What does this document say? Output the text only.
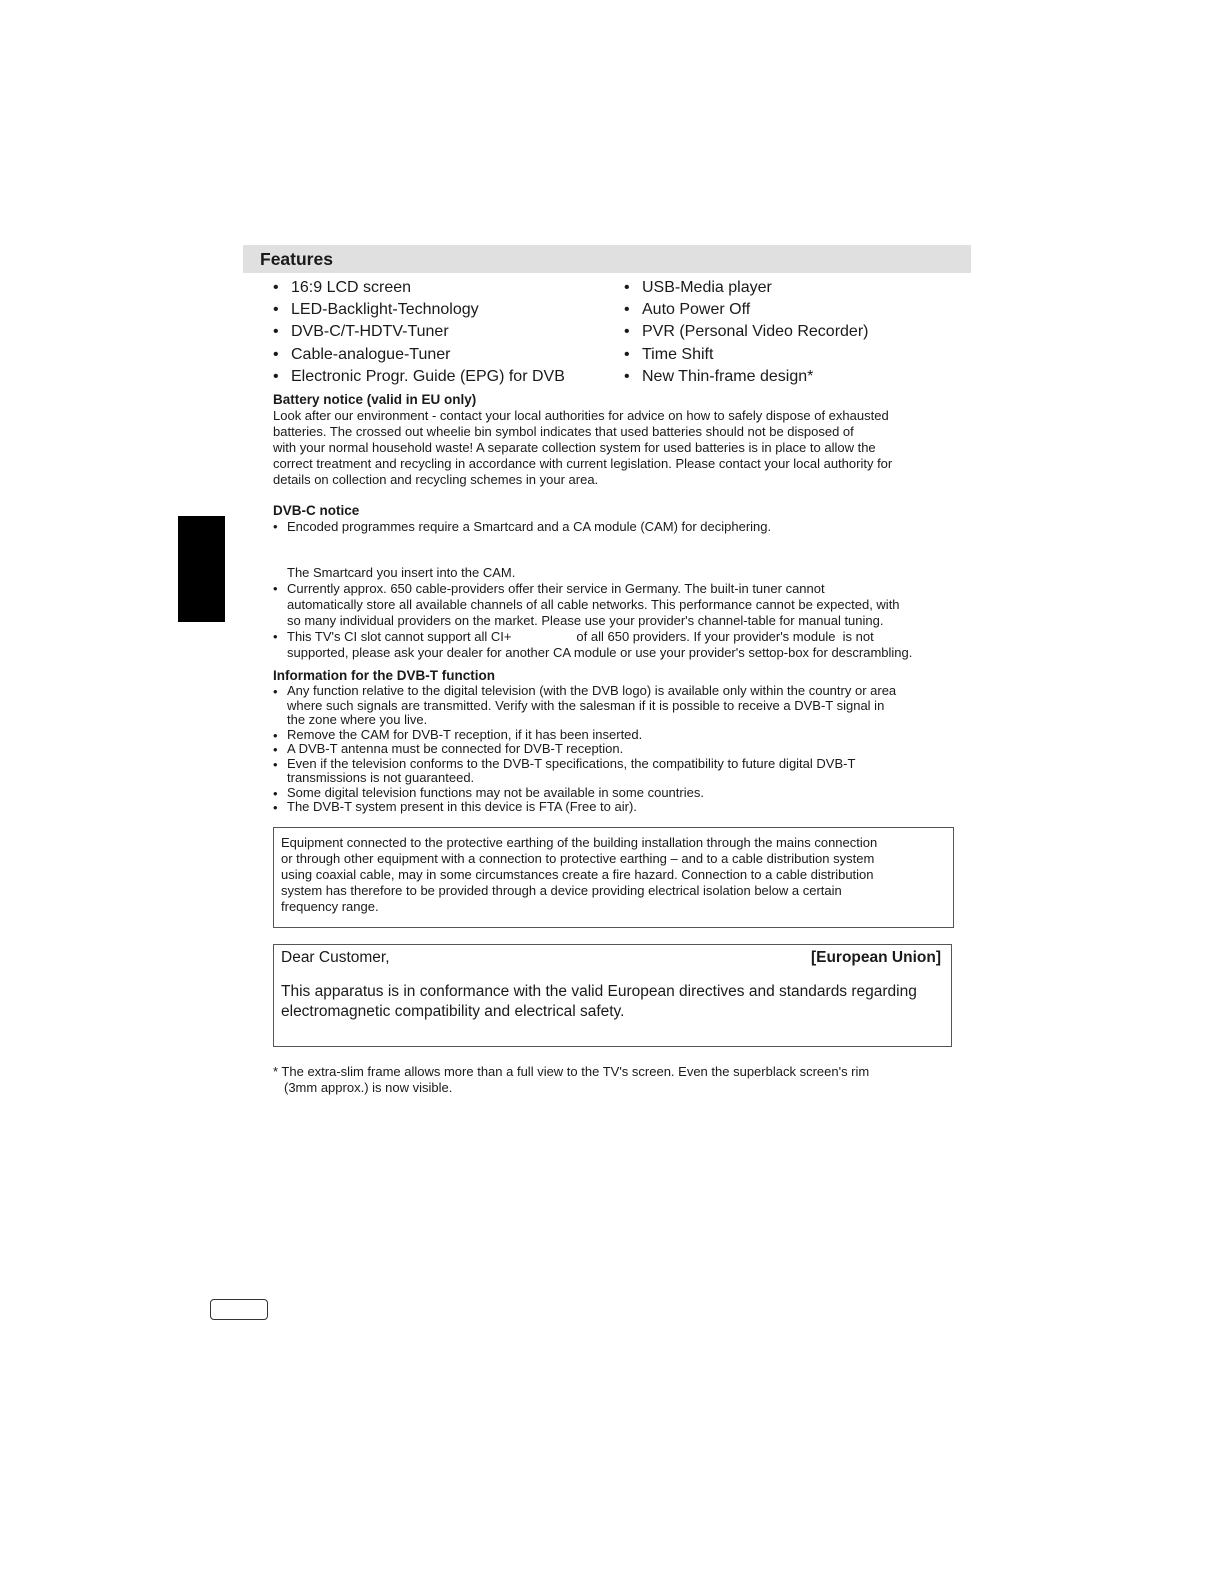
Features
• 16:9 LCD screen
• LED-Backlight-Technology
• DVB-C/T-HDTV-Tuner
• Cable-analogue-Tuner
• Electronic Progr. Guide (EPG) for DVB
• USB-Media player
• Auto Power Off
• PVR (Personal Video Recorder)
• Time Shift
• New Thin-frame design*
Battery notice (valid in EU only)
Look after our environment - contact your local authorities for advice on how to safely dispose of exhausted
batteries. The crossed out wheelie bin symbol indicates that used batteries should not be disposed of
with your normal household waste! A separate collection system for used batteries is in place to allow the
correct treatment and recycling in accordance with current legislation. Please contact your local authority for
details on collection and recycling schemes in your area.
DVB-C notice
• Encoded programmes require a Smartcard and a CA module (CAM) for deciphering.
The Smartcard you insert into the CAM.
• Currently approx. 650 cable-providers offer their service in Germany. The built-in tuner cannot
automatically store all available channels of all cable networks. This performance cannot be expected, with
so many individual providers on the market. Please use your provider's channel-table for manual tuning.
• This TV's CI slot cannot support all CI+                  of all 650 providers. If your provider's module  is not
supported, please ask your dealer for another CA module or use your provider's settop-box for descrambling.
Information for the DVB-T function
• Any function relative to the digital television (with the DVB logo) is available only within the country or area
where such signals are transmitted. Verify with the salesman if it is possible to receive a DVB-T signal in
the zone where you live.
• Remove the CAM for DVB-T reception, if it has been inserted.
• A DVB-T antenna must be connected for DVB-T reception.
• Even if the television conforms to the DVB-T specifications, the compatibility to future digital DVB-T
transmissions is not guaranteed.
• Some digital television functions may not be available in some countries.
• The DVB-T system present in this device is FTA (Free to air).
Equipment connected to the protective earthing of the building installation through the mains connection
or through other equipment with a connection to protective earthing – and to a cable distribution system
using coaxial cable, may in some circumstances create a fire hazard. Connection to a cable distribution
system has therefore to be provided through a device providing electrical isolation below a certain
frequency range.
Dear Customer,	[European Union]
This apparatus is in conformance with the valid European directives and standards regarding
electromagnetic compatibility and electrical safety.
* The extra-slim frame allows more than a full view to the TV's screen. Even the superblack screen's rim
(3mm approx.) is now visible.
